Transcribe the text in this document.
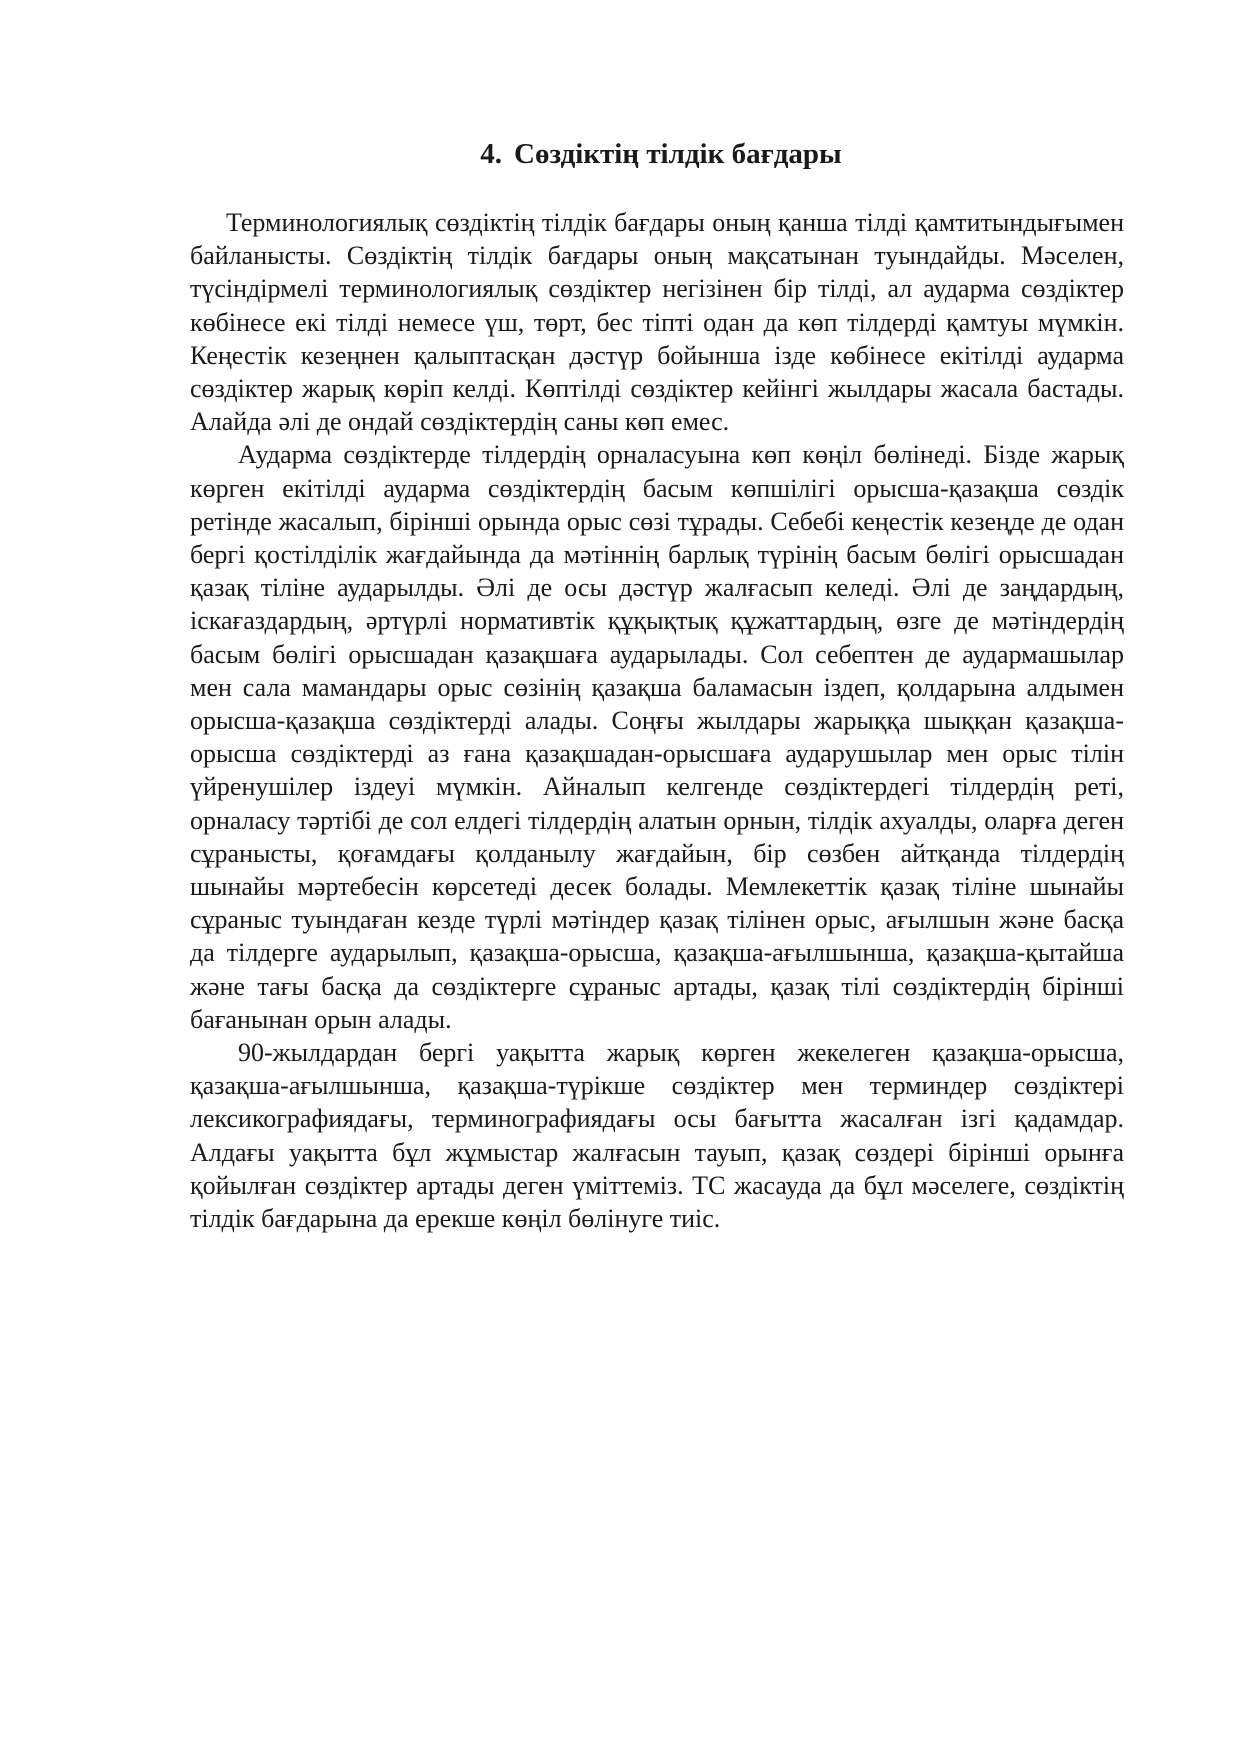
4. Сөздіктің тілдік бағдары

Терминологиялық сөздіктің тілдік бағдары оның қанша тілді қамтитындығымен байланысты. Сөздіктің тілдік бағдары оның мақсатынан туындайды. Мәселен, түсіндірмелі терминологиялық сөздіктер негізінен бір тілді, ал аударма сөздіктер көбінесе екі тілді немесе үш, төрт, бес тіпті одан да көп тілдерді қамтуы мүмкін. Кеңестік кезеңнен қалыптасқан дәстүр бойынша ізде көбінесе екітілді аударма сөздіктер жарық көріп келді. Көптілді сөздіктер кейінгі жылдары жасала бастады. Алайда әлі де ондай сөздіктердің саны көп емес.

Аударма сөздіктерде тілдердің орналасуына көп көңіл бөлінеді. Бізде жарық көрген екітілді аударма сөздіктердің басым көпшілігі орысша-қазақша сөздік ретінде жасалып, бірінші орында орыс сөзі тұрады. Себебі кеңестік кезеңде де одан бергі қостілділік жағдайында да мәтіннің барлық түрінің басым бөлігі орысшадан қазақ тіліне аударылды. Әлі де осы дәстүр жалғасып келеді. Әлі де заңдардың, іскағаздардың, әртүрлі нормативтік құқықтық құжаттардың, өзге де мәтіндердің басым бөлігі орысшадан қазақшаға аударылады. Сол себептен де аудармашылар мен сала мамандары орыс сөзінің қазақша баламасын іздеп, қолдарына алдымен орысша-қазақша сөздіктерді алады. Соңғы жылдары жарыққа шыққан қазақша-орысша сөздіктерді аз ғана қазақшадан-орысшаға аударушылар мен орыс тілін үйренушілер іздеуі мүмкін. Айналып келгенде сөздіктердегі тілдердің реті, орналасу тәртібі де сол елдегі тілдердің алатын орнын, тілдік ахуалды, оларға деген сұранысты, қоғамдағы қолданылу жағдайын, бір сөзбен айтқанда тілдердің шынайы мәртебесін көрсетеді десек болады. Мемлекеттік қазақ тіліне шынайы сұраныс туындаған кезде түрлі мәтіндер қазақ тілінен орыс, ағылшын және басқа да тілдерге аударылып, қазақша-орысша, қазақша-ағылшынша, қазақша-қытайша және тағы басқа да сөздіктерге сұраныс артады, қазақ тілі сөздіктердің бірінші бағанынан орын алады.

90-жылдардан бергі уақытта жарық көрген жекелеген қазақша-орысша, қазақша-ағылшынша, қазақша-түрікше сөздіктер мен терминдер сөздіктері лексикографиядағы, терминографиядағы осы бағытта жасалған ізгі қадамдар. Алдағы уақытта бұл жұмыстар жалғасын тауып, қазақ сөздері бірінші орынға қойылған сөздіктер артады деген үміттеміз. ТС жасауда да бұл мәселеге, сөздіктің тілдік бағдарына да ерекше көңіл бөлінуге тиіс.
